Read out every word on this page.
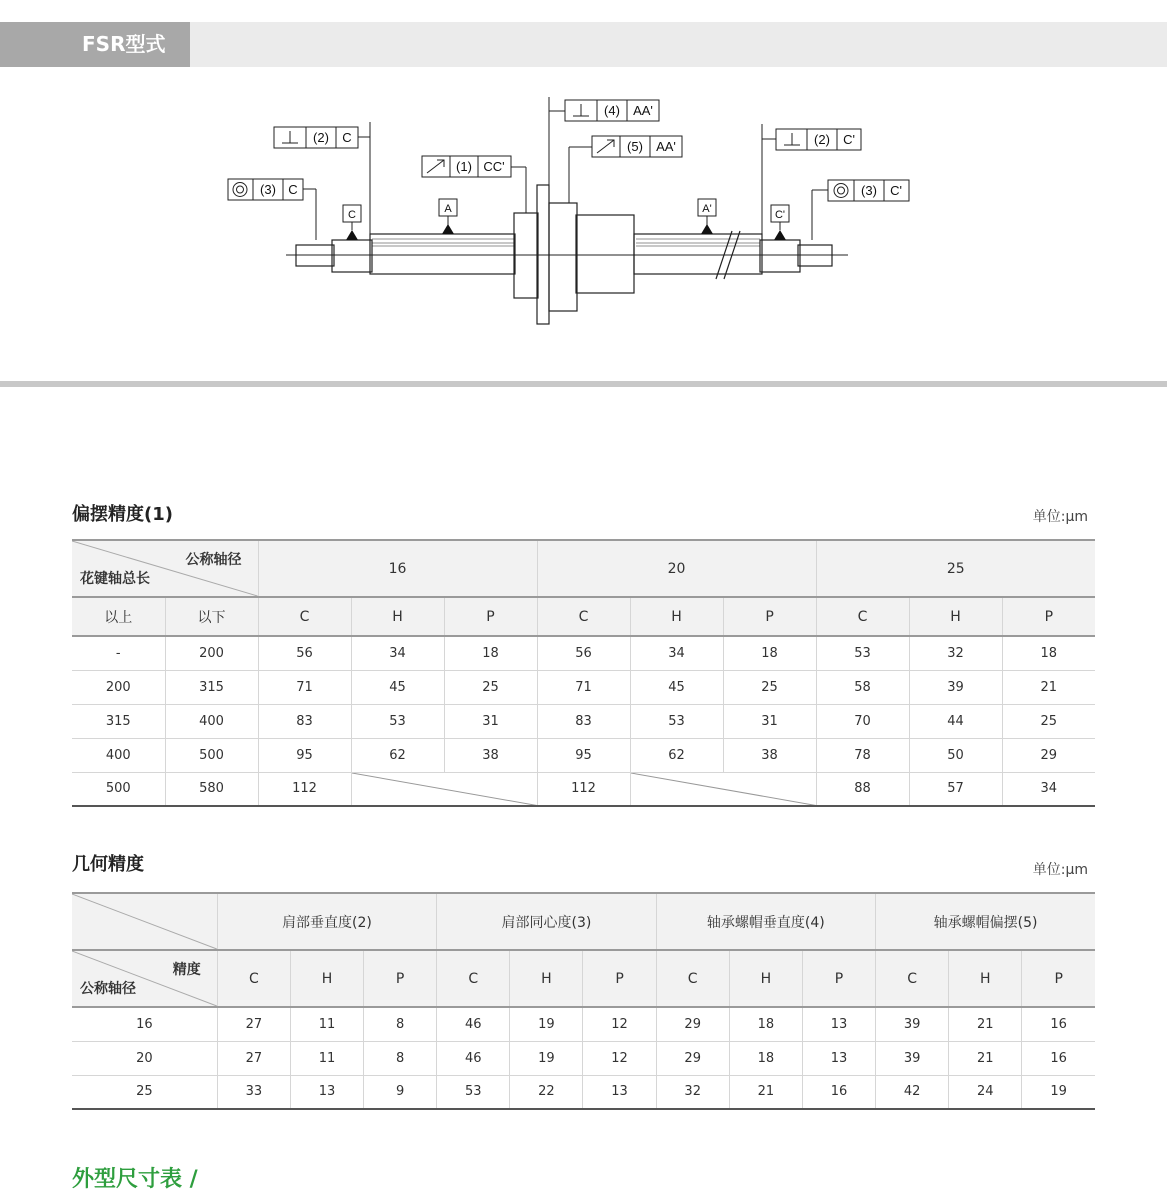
FSR型式
C	A	A'	C'
(2) C
(3) C
(1) CC'
(4) AA'
(5) AA'	(2) C'
(3) C'
偏摆精度(1)	单位:μm
公称轴径
花键轴总长		16			20			25		
以上	以下	C	H	P	C	H	P	C	H	P
-	200	56	34	18	56	34	18	53	32	18
200	315	71	45	25	71	45	25	58	39	21
315	400	83	53	31	83	53	31	70	44	25
400	500	95	62	38	95	62	38	78	50	29
500	580	112			112			88	57	34
几何精度	单位:μm
	肩部垂直度(2)			肩部同心度(3)			轴承螺帽垂直度(4)			轴承螺帽偏摆(5)		

精度
公称轴径	C	H	P	C	H	P	C	H	P	C	H	P
16	27	11	8	46	19	12	29	18	13	39	21	16
20	27	11	8	46	19	12	29	18	13	39	21	16
25	33	13	9	53	22	13	32	21	16	42	24	19
外型尺寸表 /
